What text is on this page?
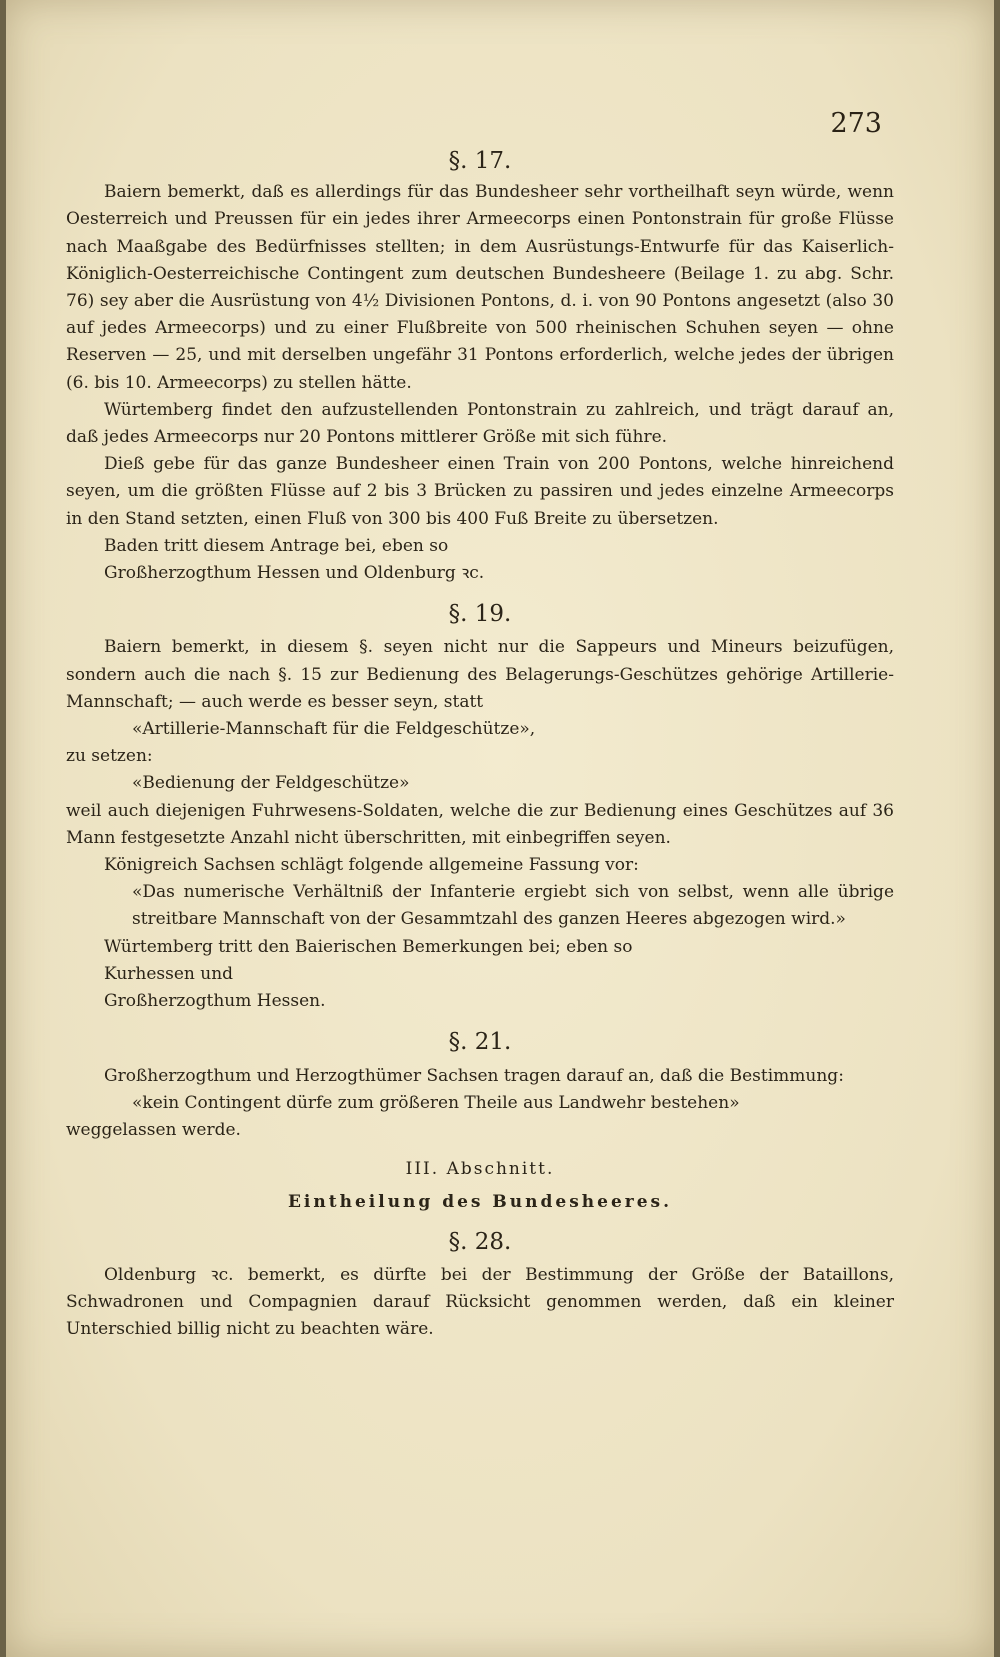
273
§. 17.

Baiern bemerkt, daß es allerdings für das Bundesheer sehr vortheilhaft seyn würde, wenn Oesterreich und Preussen für ein jedes ihrer Armeecorps einen Pontonstrain für große Flüsse nach Maaßgabe des Bedürfnisses stellten; in dem Ausrüstungs-Entwurfe für das Kaiserlich-Königlich-Oesterreichische Contingent zum deutschen Bundesheere (Beilage 1. zu abg. Schr. 76) sey aber die Ausrüstung von 4½ Divisionen Pontons, d. i. von 90 Pontons angesetzt (also 30 auf jedes Armeecorps) und zu einer Flußbreite von 500 rheinischen Schuhen seyen — ohne Reserven — 25, und mit derselben ungefähr 31 Pontons erforderlich, welche jedes der übrigen (6. bis 10. Armeecorps) zu stellen hätte.

Würtemberg findet den aufzustellenden Pontonstrain zu zahlreich, und trägt darauf an, daß jedes Armeecorps nur 20 Pontons mittlerer Größe mit sich führe.

Dieß gebe für das ganze Bundesheer einen Train von 200 Pontons, welche hinreichend seyen, um die größten Flüsse auf 2 bis 3 Brücken zu passiren und jedes einzelne Armeecorps in den Stand setzten, einen Fluß von 300 bis 400 Fuß Breite zu übersetzen.

Baden tritt diesem Antrage bei, eben so

Großherzogthum Hessen und Oldenburg ꝛc.

§. 19.

Baiern bemerkt, in diesem §. seyen nicht nur die Sappeurs und Mineurs beizufügen, sondern auch die nach §. 15 zur Bedienung des Belagerungs-Geschützes gehörige Artillerie-Mannschaft; — auch werde es besser seyn, statt

«Artillerie-Mannschaft für die Feldgeschütze»,

zu setzen:

«Bedienung der Feldgeschütze»

weil auch diejenigen Fuhrwesens-Soldaten, welche die zur Bedienung eines Geschützes auf 36 Mann festgesetzte Anzahl nicht überschritten, mit einbegriffen seyen.

Königreich Sachsen schlägt folgende allgemeine Fassung vor:

«Das numerische Verhältniß der Infanterie ergiebt sich von selbst, wenn alle übrige streitbare Mannschaft von der Gesammtzahl des ganzen Heeres abgezogen wird.»

Würtemberg tritt den Baierischen Bemerkungen bei; eben so

Kurhessen und

Großherzogthum Hessen.

§. 21.

Großherzogthum und Herzogthümer Sachsen tragen darauf an, daß die Bestimmung:

«kein Contingent dürfe zum größeren Theile aus Landwehr bestehen»

weggelassen werde.

III. Abschnitt.

Eintheilung des Bundesheeres.

§. 28.

Oldenburg ꝛc. bemerkt, es dürfte bei der Bestimmung der Größe der Bataillons, Schwadronen und Compagnien darauf Rücksicht genommen werden, daß ein kleiner Unterschied billig nicht zu beachten wäre.
